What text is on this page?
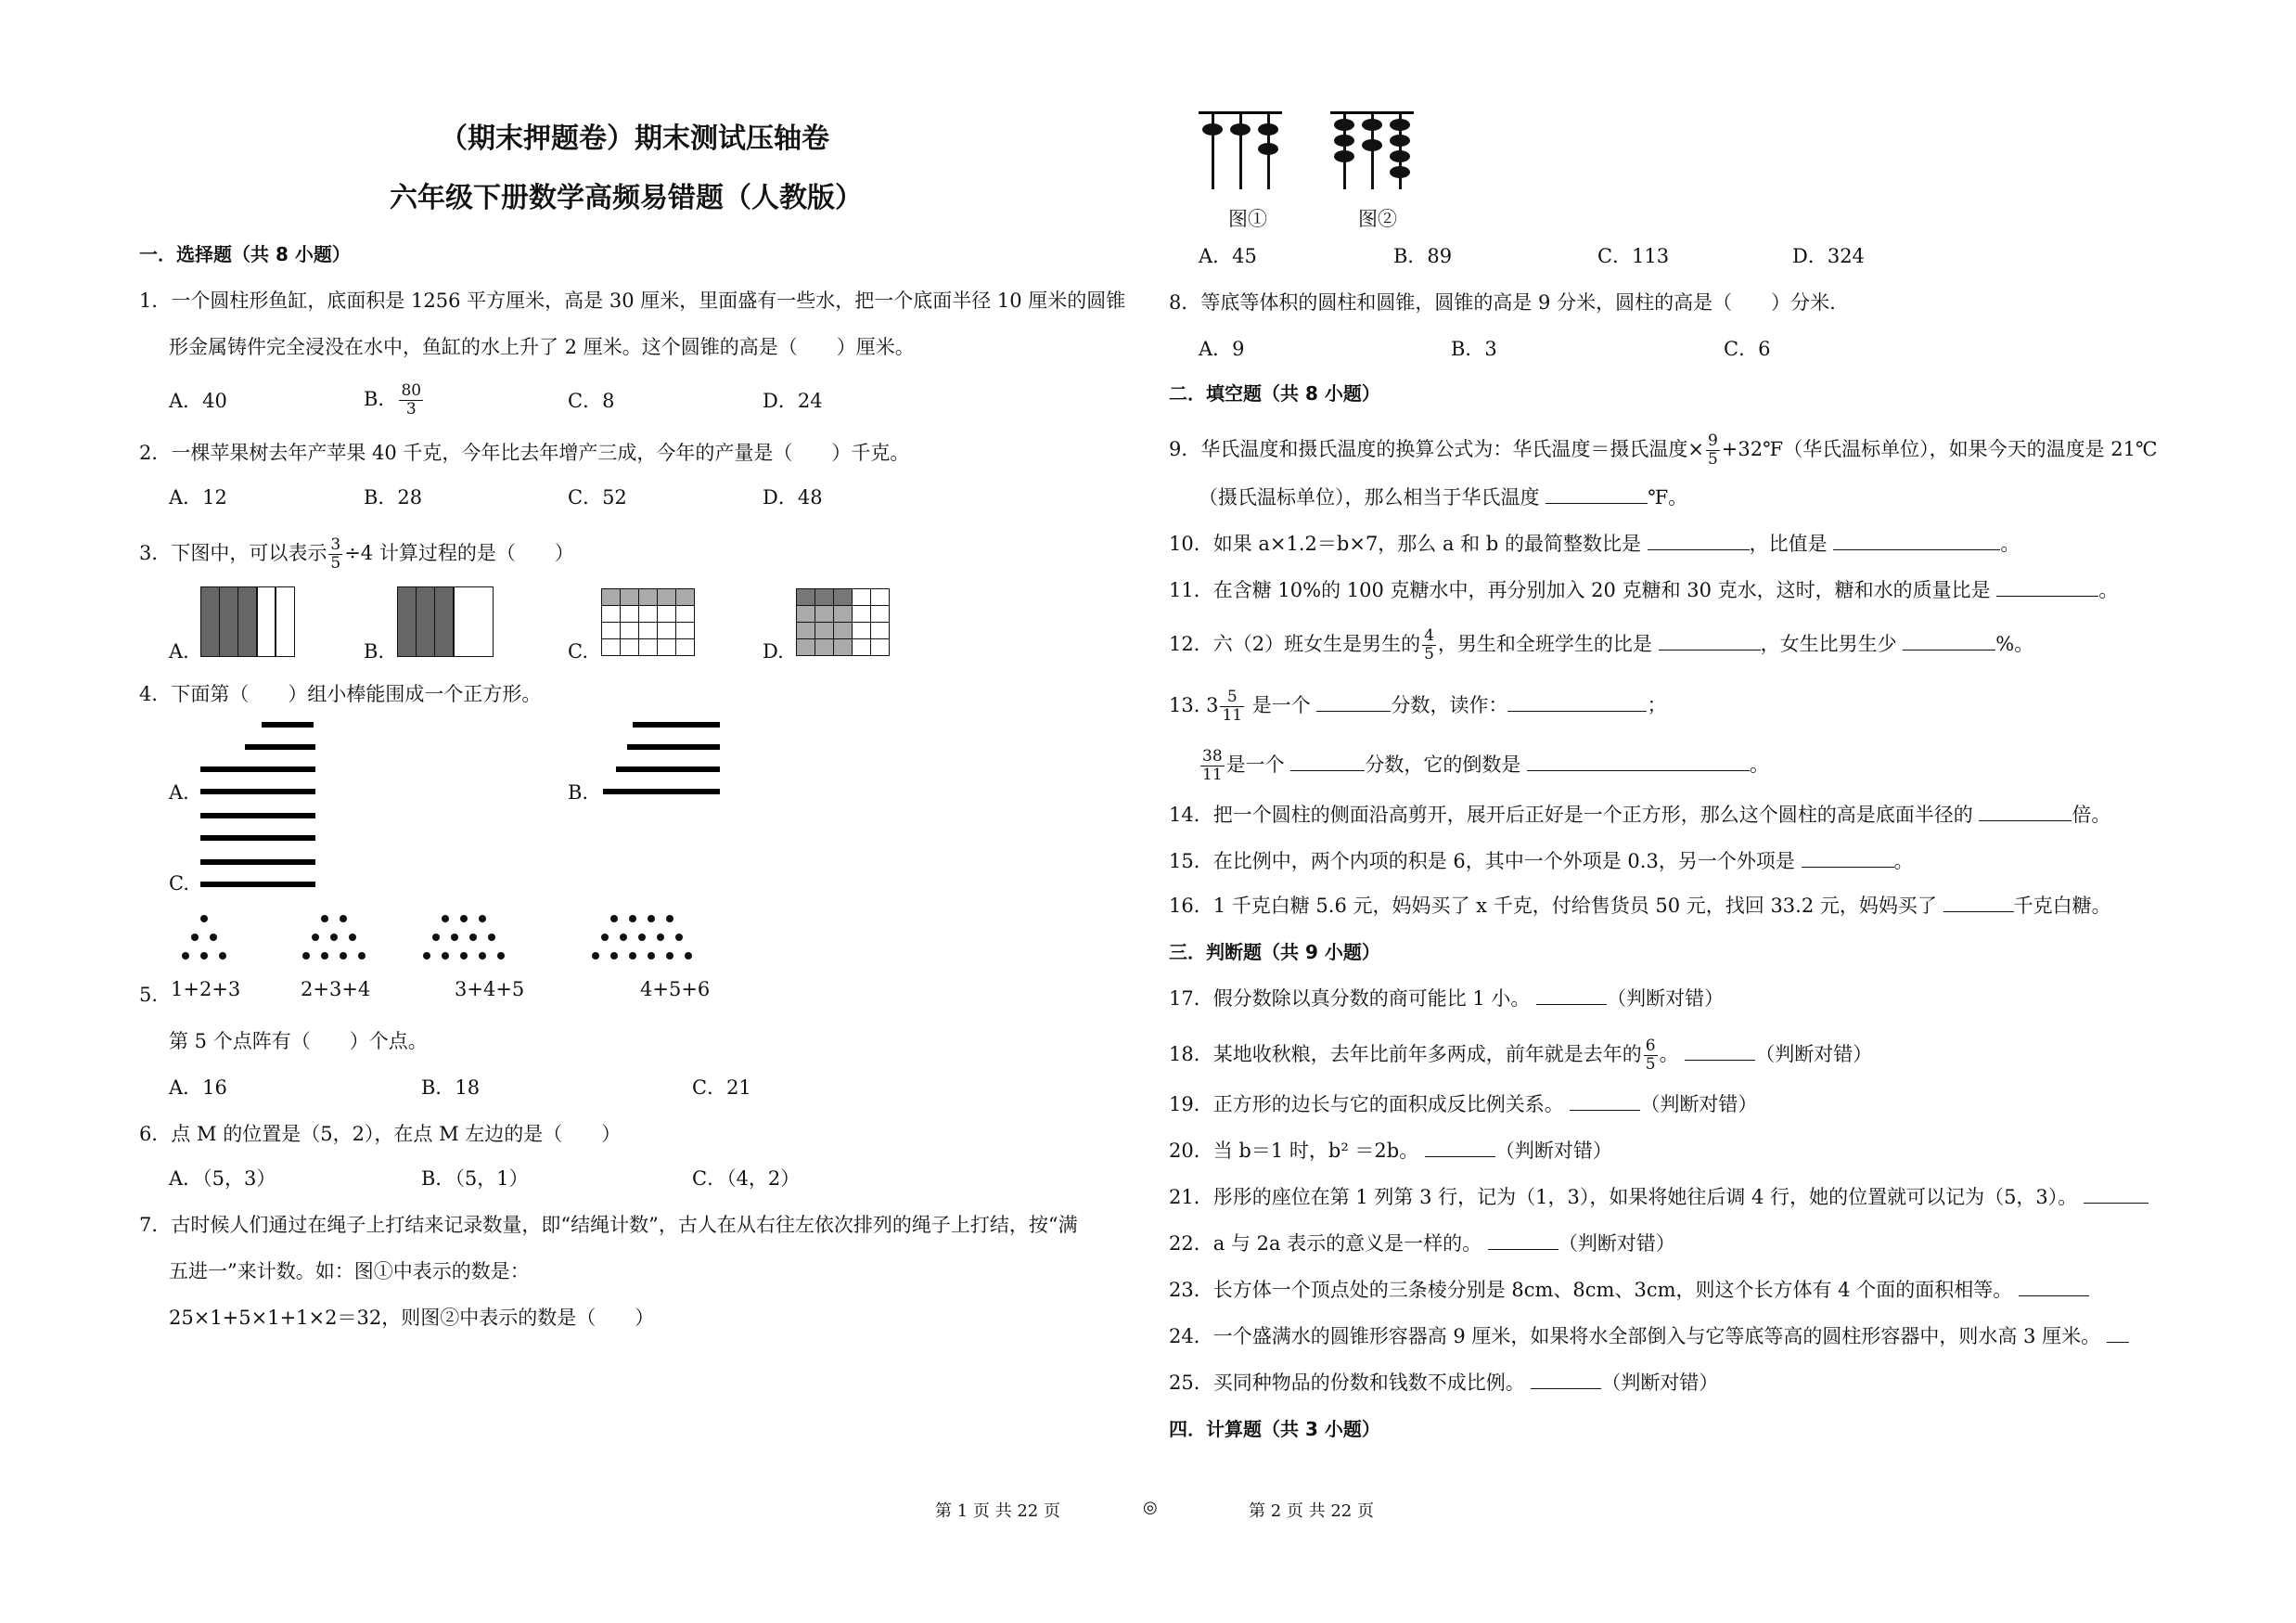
（期末押题卷）期末测试压轴卷
六年级下册数学高频易错题（人教版）
一．选择题（共 8 小题）
1．一个圆柱形鱼缸，底面积是 1256 平方厘米，高是 30 厘米，里面盛有一些水，把一个底面半径 10 厘米的圆锥
形金属铸件完全浸没在水中，鱼缸的水上升了 2 厘米。这个圆锥的高是（　　）厘米。
A．40	B． $\frac{80}{3}$	C．8	D．24
2．一棵苹果树去年产苹果 40 千克，今年比去年增产三成，今年的产量是（　　）千克。
A．12	B．28	C．52	D．48
3．下图中，可以表示 $\frac{3}{5} \div 4$ 计算过程的是（　　）
A.	B.	C.	D.
4．下面第（　　）组小棒能围成一个正方形。
A.	B.
C.
5. 1+2+3	2+3+4	3+4+5	4+5+6
第 5 个点阵有（　　）个点。
A．16	B．18	C．21
6．点 M 的位置是（5，2），在点 M 左边的是（　　）
A．（5，3）	B．（5，1）	C．（4，2）
7．古时候人们通过在绳子上打结来记录数量，即“结绳计数”，古人在从右往左依次排列的绳子上打结，按“满
五进一”来计数。如：图①中表示的数是：
25×1+5×1+1×2＝32，则图②中表示的数是（　　）
第 1 页 共 22 页	◎
图①	图②
A．45	B．89	C．113	D．324
8．等底等体积的圆柱和圆锥，圆锥的高是 9 分米，圆柱的高是（　　）分米.
A．9	B．3	C．6
二．填空题（共 8 小题）
9．华氏温度和摄氏温度的换算公式为：华氏温度＝摄氏温度× $\frac{9}{5}$ +32℉（华氏温标单位），如果今天的温度是 21℃
（摄氏温标单位），那么相当于华氏温度	℉。
10．如果 a×1.2＝b×7，那么 a 和 b 的最简整数比是	，比值是	。
11．在含糖 10%的 100 克糖水中，再分别加入 20 克糖和 30 克水，这时，糖和水的质量比是	。
12．六（2）班女生是男生的 $\frac{4}{5}$ ，男生和全班学生的比是	，女生比男生少	%。
13. $3 \frac{5}{11}$ 是一个	分数，读作：	；
$\frac{38}{11}$ 是一个	分数，它的倒数是	。
14．把一个圆柱的侧面沿高剪开，展开后正好是一个正方形，那么这个圆柱的高是底面半径的	倍。
15．在比例中，两个内项的积是 6，其中一个外项是 0.3，另一个外项是	。
16．1 千克白糖 5.6 元，妈妈买了 x 千克，付给售货员 50 元，找回 33.2 元，妈妈买了	千克白糖。
三．判断题（共 9 小题）
17．假分数除以真分数的商可能比 1 小。	（判断对错）
18．某地收秋粮，去年比前年多两成，前年就是去年的 $\frac{6}{5}$ 。	（判断对错）
19．正方形的边长与它的面积成反比例关系。	（判断对错）
20．当 b＝1 时，b² ＝2b。	（判断对错）
21．彤彤的座位在第 1 列第 3 行，记为（1，3），如果将她往后调 4 行，她的位置就可以记为（5，3）。
22．a 与 2a 表示的意义是一样的。	（判断对错）
23．长方体一个顶点处的三条棱分别是 8cm、8cm、3cm，则这个长方体有 4 个面的面积相等。
24．一个盛满水的圆锥形容器高 9 厘米，如果将水全部倒入与它等底等高的圆柱形容器中，则水高 3 厘米。
25．买同种物品的份数和钱数不成比例。	（判断对错）
四．计算题（共 3 小题）
第 2 页 共 22 页
